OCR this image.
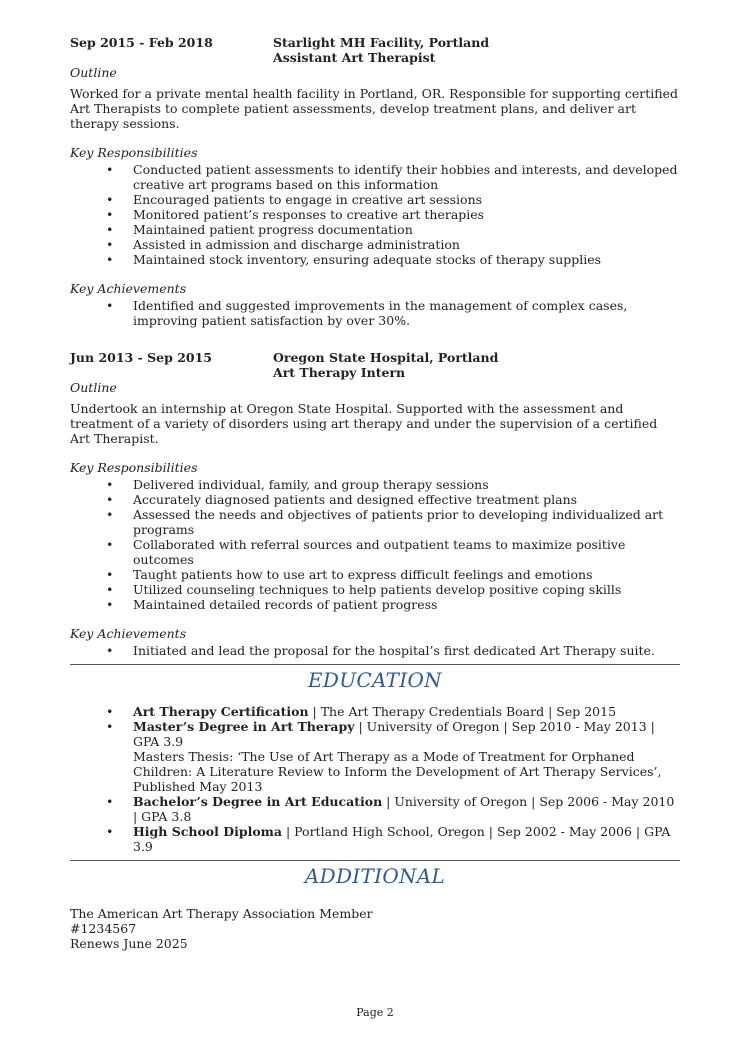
Sep 2015 - Feb 2018	Starlight MH Facility, Portland
Assistant Art Therapist
Outline

Worked for a private mental health facility in Portland, OR. Responsible for supporting certified Art Therapists to complete patient assessments, develop treatment plans, and deliver art therapy sessions.

Key Responsibilities
• Conducted patient assessments to identify their hobbies and interests, and developed creative art programs based on this information
• Encouraged patients to engage in creative art sessions
• Monitored patient’s responses to creative art therapies
• Maintained patient progress documentation
• Assisted in admission and discharge administration
• Maintained stock inventory, ensuring adequate stocks of therapy supplies
Key Achievements
• Identified and suggested improvements in the management of complex cases, improving patient satisfaction by over 30%.
Jun 2013 - Sep 2015	Oregon State Hospital, Portland
Art Therapy Intern
Outline

Undertook an internship at Oregon State Hospital. Supported with the assessment and treatment of a variety of disorders using art therapy and under the supervision of a certified Art Therapist.

Key Responsibilities
• Delivered individual, family, and group therapy sessions
• Accurately diagnosed patients and designed effective treatment plans
• Assessed the needs and objectives of patients prior to developing individualized art programs
• Collaborated with referral sources and outpatient teams to maximize positive outcomes
• Taught patients how to use art to express difficult feelings and emotions
• Utilized counseling techniques to help patients develop positive coping skills
• Maintained detailed records of patient progress
Key Achievements
• Initiated and lead the proposal for the hospital’s first dedicated Art Therapy suite.
EDUCATION
• Art Therapy Certification | The Art Therapy Credentials Board | Sep 2015
• Master’s Degree in Art Therapy | University of Oregon | Sep 2010 - May 2013 | GPA 3.9
Masters Thesis: ‘The Use of Art Therapy as a Mode of Treatment for Orphaned Children: A Literature Review to Inform the Development of Art Therapy Services’, Published May 2013
• Bachelor’s Degree in Art Education | University of Oregon | Sep 2006 - May 2010 | GPA 3.8
• High School Diploma | Portland High School, Oregon | Sep 2002 - May 2006 | GPA 3.9
ADDITIONAL
The American Art Therapy Association Member
#1234567
Renews June 2025
Page 2
